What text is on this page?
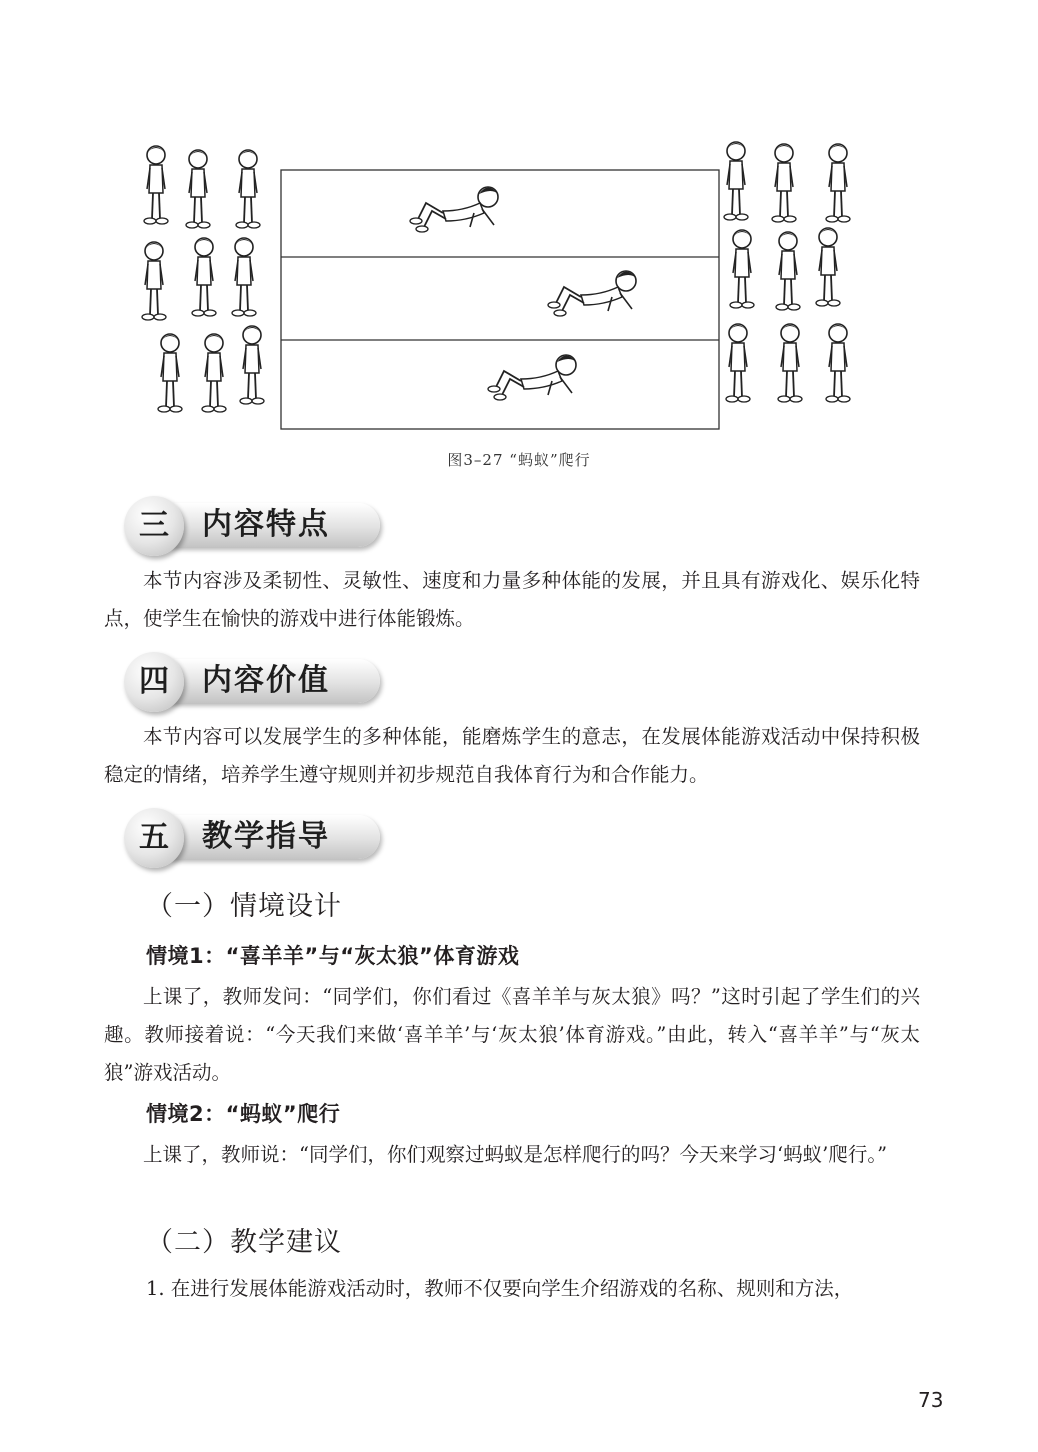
图3–27 “蚂蚁”爬行
三	内容特点

本节内容涉及柔韧性、灵敏性、速度和力量多种体能的发展，并且具有游戏化、娱乐化特点，使学生在愉快的游戏中进行体能锻炼。

四	内容价值

本节内容可以发展学生的多种体能，能磨炼学生的意志，在发展体能游戏活动中保持积极稳定的情绪，培养学生遵守规则并初步规范自我体育行为和合作能力。

五	教学指导
（一）情境设计
情境1：“喜羊羊”与“灰太狼”体育游戏

上课了，教师发问：“同学们，你们看过《喜羊羊与灰太狼》吗？”这时引起了学生们的兴趣。教师接着说：“今天我们来做‘喜羊羊’与‘灰太狼’体育游戏。”由此，转入“喜羊羊”与“灰太狼”游戏活动。

情境2：“蚂蚁”爬行

上课了，教师说：“同学们，你们观察过蚂蚁是怎样爬行的吗？今天来学习‘蚂蚁’爬行。”

（二）教学建议

1. 在进行发展体能游戏活动时，教师不仅要向学生介绍游戏的名称、规则和方法，

73
